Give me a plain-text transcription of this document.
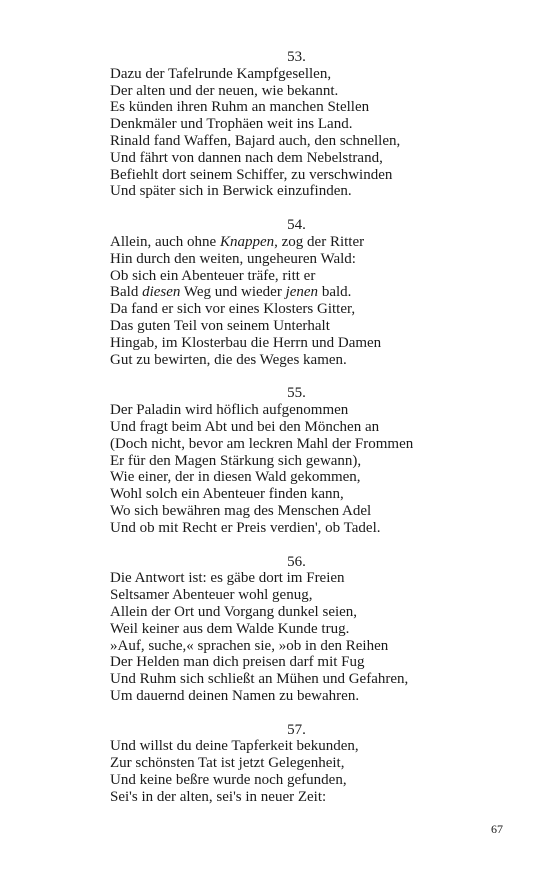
53.
Dazu der Tafelrunde Kampfgesellen,
Der alten und der neuen, wie bekannt.
Es künden ihren Ruhm an manchen Stellen
Denkmäler und Trophäen weit ins Land.
Rinald fand Waffen, Bajard auch, den schnellen,
Und fährt von dannen nach dem Nebelstrand,
Befiehlt dort seinem Schiffer, zu verschwinden
Und später sich in Berwick einzufinden.
54.
Allein, auch ohne Knappen, zog der Ritter
Hin durch den weiten, ungeheuren Wald:
Ob sich ein Abenteuer träfe, ritt er
Bald diesen Weg und wieder jenen bald.
Da fand er sich vor eines Klosters Gitter,
Das guten Teil von seinem Unterhalt
Hingab, im Klosterbau die Herrn und Damen
Gut zu bewirten, die des Weges kamen.
55.
Der Paladin wird höflich aufgenommen
Und fragt beim Abt und bei den Mönchen an
(Doch nicht, bevor am leckren Mahl der Frommen
Er für den Magen Stärkung sich gewann),
Wie einer, der in diesen Wald gekommen,
Wohl solch ein Abenteuer finden kann,
Wo sich bewähren mag des Menschen Adel
Und ob mit Recht er Preis verdien', ob Tadel.
56.
Die Antwort ist: es gäbe dort im Freien
Seltsamer Abenteuer wohl genug,
Allein der Ort und Vorgang dunkel seien,
Weil keiner aus dem Walde Kunde trug.
»Auf, suche,« sprachen sie, »ob in den Reihen
Der Helden man dich preisen darf mit Fug
Und Ruhm sich schließt an Mühen und Gefahren,
Um dauernd deinen Namen zu bewahren.
57.
Und willst du deine Tapferkeit bekunden,
Zur schönsten Tat ist jetzt Gelegenheit,
Und keine beßre wurde noch gefunden,
Sei's in der alten, sei's in neuer Zeit:
67
